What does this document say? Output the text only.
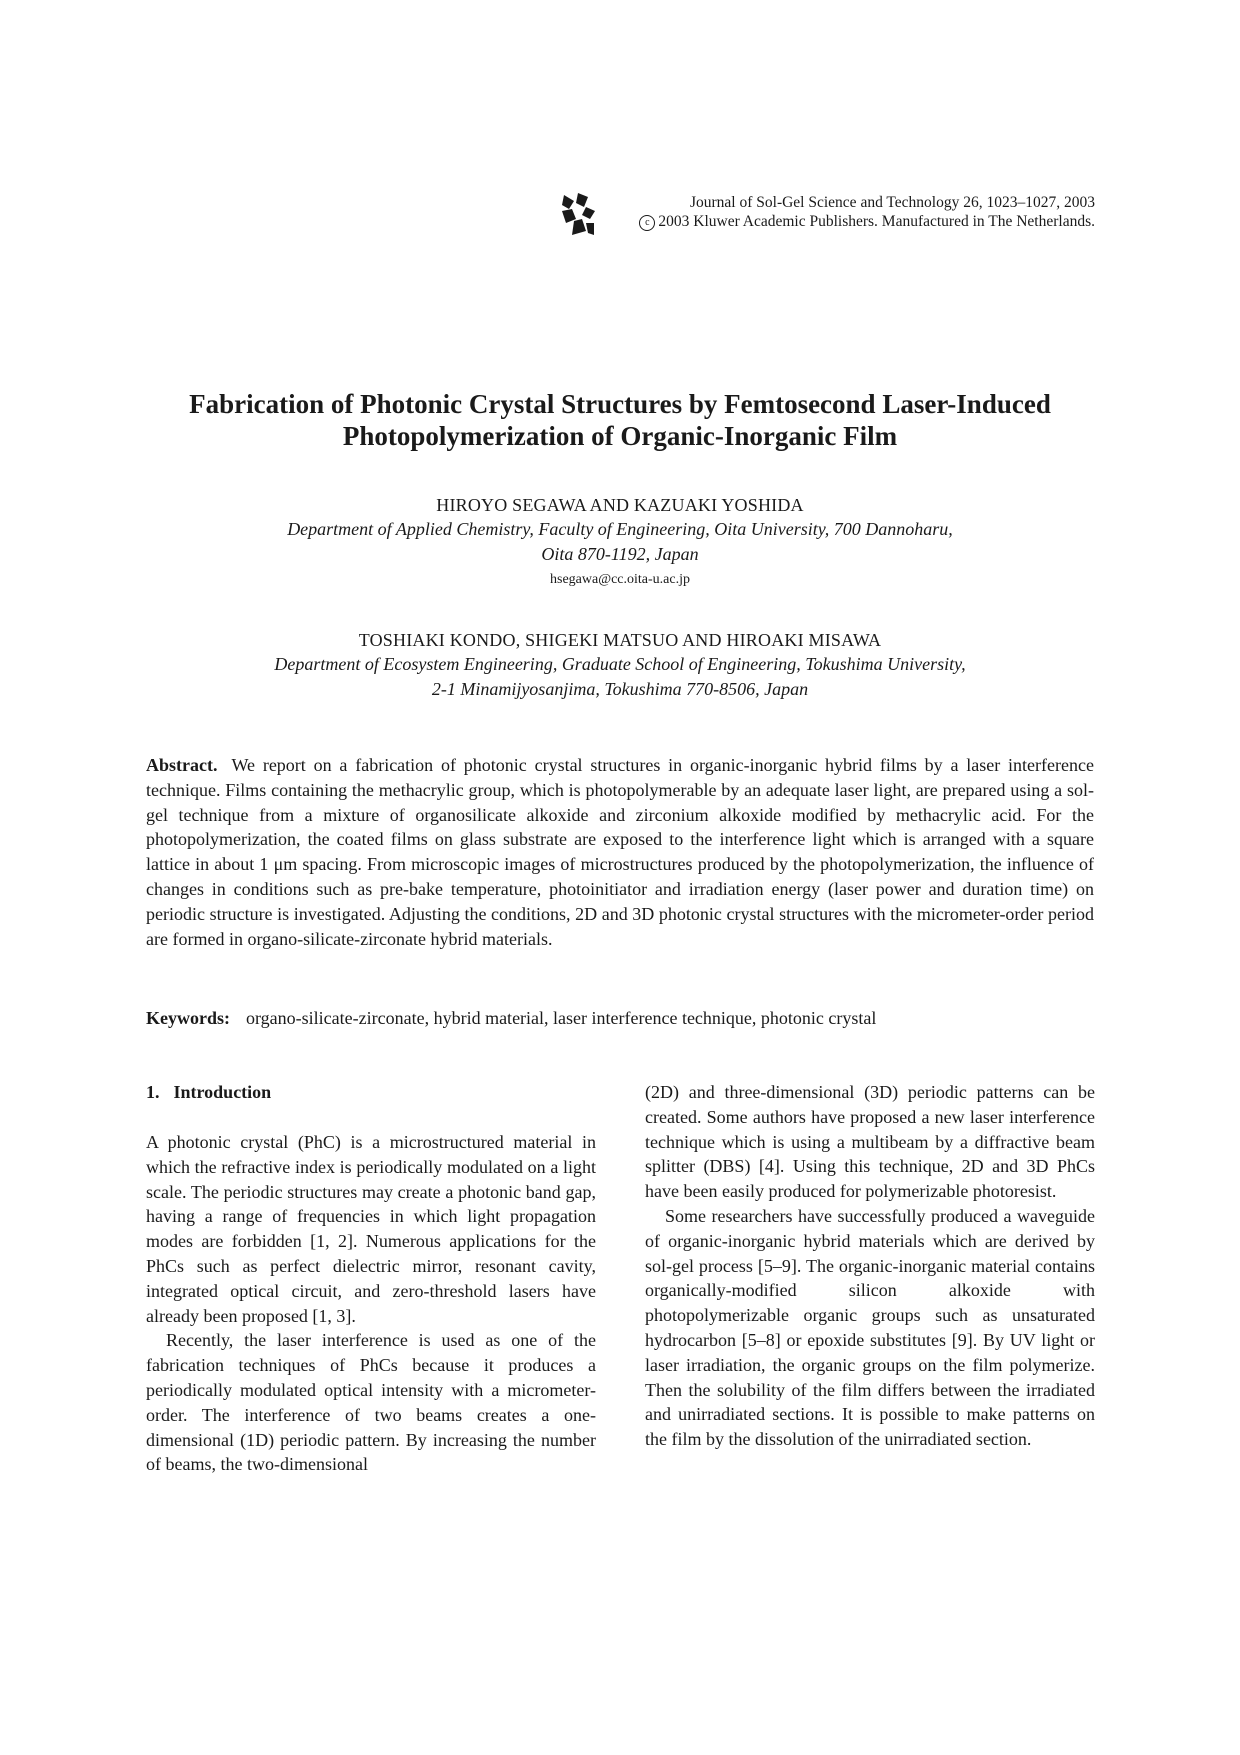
Journal of Sol-Gel Science and Technology 26, 1023–1027, 2003
c 2003 Kluwer Academic Publishers. Manufactured in The Netherlands.
Fabrication of Photonic Crystal Structures by Femtosecond Laser-Induced
Photopolymerization of Organic-Inorganic Film
HIROYO SEGAWA AND KAZUAKI YOSHIDA
Department of Applied Chemistry, Faculty of Engineering, Oita University, 700 Dannoharu,
Oita 870-1192, Japan
hsegawa@cc.oita-u.ac.jp
TOSHIAKI KONDO, SHIGEKI MATSUO AND HIROAKI MISAWA
Department of Ecosystem Engineering, Graduate School of Engineering, Tokushima University,
2-1 Minamijyosanjima, Tokushima 770-8506, Japan

Abstract. We report on a fabrication of photonic crystal structures in organic-inorganic hybrid films by a laser interference technique. Films containing the methacrylic group, which is photopolymerable by an adequate laser light, are prepared using a sol-gel technique from a mixture of organosilicate alkoxide and zirconium alkoxide modified by methacrylic acid. For the photopolymerization, the coated films on glass substrate are exposed to the interference light which is arranged with a square lattice in about 1 μm spacing. From microscopic images of microstructures produced by the photopolymerization, the influence of changes in conditions such as pre-bake temperature, photoinitiator and irradiation energy (laser power and duration time) on periodic structure is investigated. Adjusting the conditions, 2D and 3D photonic crystal structures with the micrometer-order period are formed in organo-silicate-zirconate hybrid materials.

Keywords: organo-silicate-zirconate, hybrid material, laser interference technique, photonic crystal

1. Introduction

A photonic crystal (PhC) is a microstructured material in which the refractive index is periodically modulated on a light scale. The periodic structures may create a photonic band gap, having a range of frequencies in which light propagation modes are forbidden [1, 2]. Numerous applications for the PhCs such as perfect dielectric mirror, resonant cavity, integrated optical circuit, and zero-threshold lasers have already been proposed [1, 3].

Recently, the laser interference is used as one of the fabrication techniques of PhCs because it produces a periodically modulated optical intensity with a micrometer-order. The interference of two beams creates a one-dimensional (1D) periodic pattern. By increasing the number of beams, the two-dimensional

(2D) and three-dimensional (3D) periodic patterns can be created. Some authors have proposed a new laser interference technique which is using a multibeam by a diffractive beam splitter (DBS) [4]. Using this technique, 2D and 3D PhCs have been easily produced for polymerizable photoresist.

Some researchers have successfully produced a waveguide of organic-inorganic hybrid materials which are derived by sol-gel process [5–9]. The organic-inorganic material contains organically-modified silicon alkoxide with photopolymerizable organic groups such as unsaturated hydrocarbon [5–8] or epoxide substitutes [9]. By UV light or laser irradiation, the organic groups on the film polymerize. Then the solubility of the film differs between the irradiated and unirradiated sections. It is possible to make patterns on the film by the dissolution of the unirradiated section.
